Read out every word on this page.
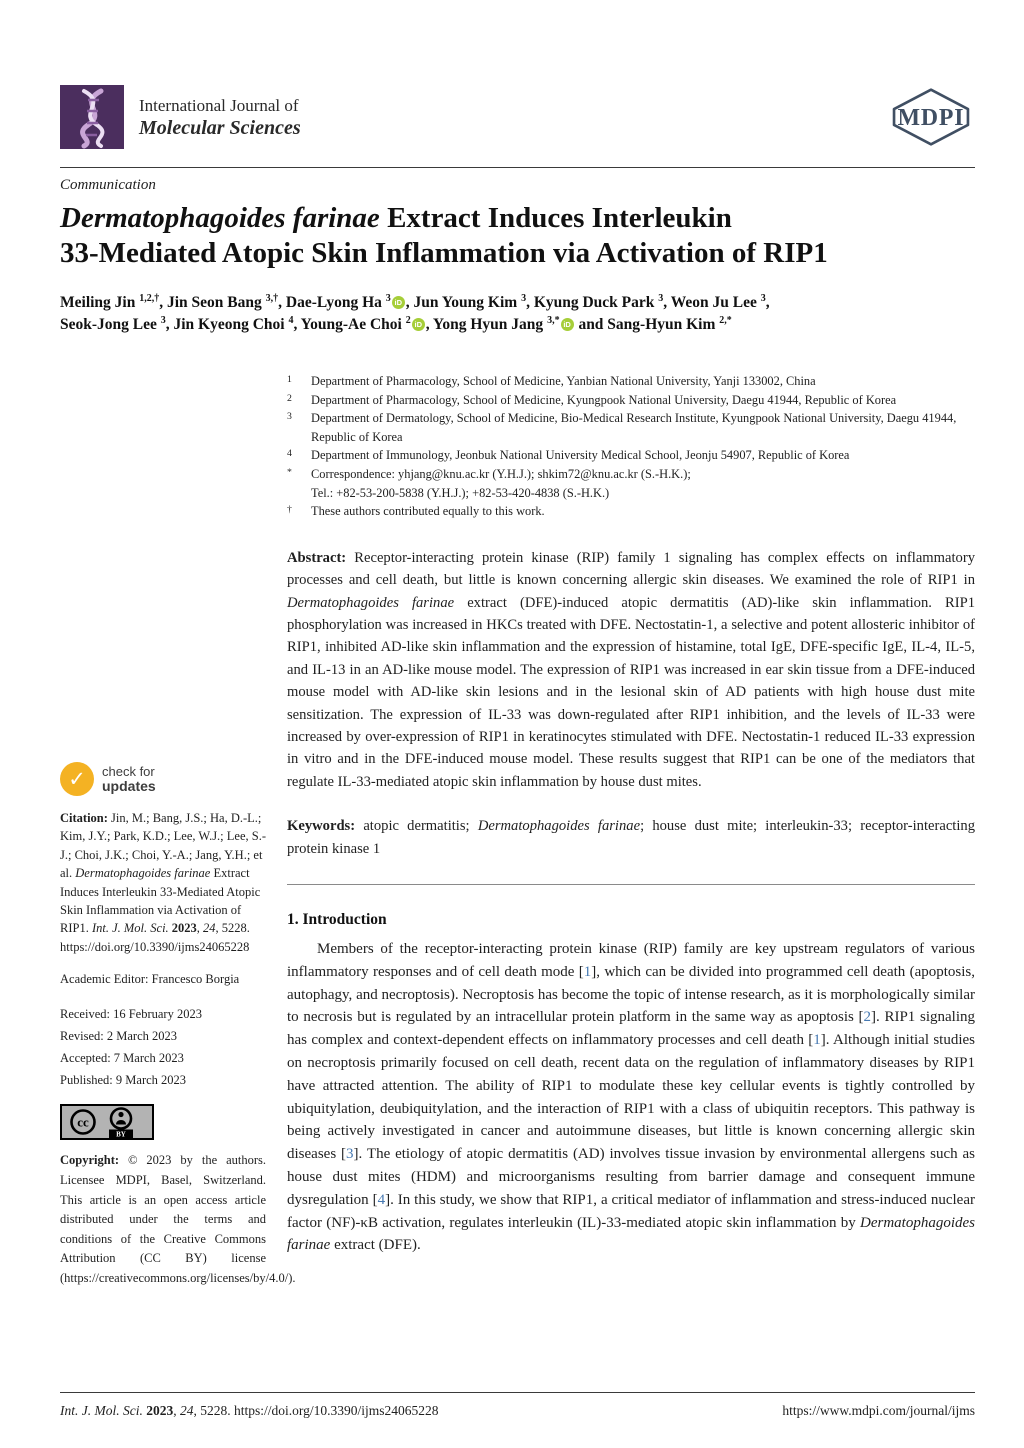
International Journal of
Molecular Sciences	MDPI
Communication
Dermatophagoides farinae Extract Induces Interleukin
33-Mediated Atopic Skin Inflammation via Activation of RIP1

Meiling Jin $^{1,2,\dagger}$, Jin Seon Bang $^{3,\dagger}$, Dae-Lyong Ha $^3$ iD , Jun Young Kim $^3$, Kyung Duck Park $^3$, Weon Ju Lee $^3$,
Seok-Jong Lee $^3$, Jin Kyeong Choi $^4$, Young-Ae Choi $^2$ iD , Yong Hyun Jang $^{3,*}$ iD and Sang-Hyun Kim $^{2,*}$

1	Department of Pharmacology, School of Medicine, Yanbian National University, Yanji 133002, China
2	Department of Pharmacology, School of Medicine, Kyungpook National University, Daegu 41944, Republic of Korea
3	Department of Dermatology, School of Medicine, Bio-Medical Research Institute, Kyungpook National University, Daegu 41944, Republic of Korea
4	Department of Immunology, Jeonbuk National University Medical School, Jeonju 54907, Republic of Korea
*	Correspondence: yhjang@knu.ac.kr (Y.H.J.); shkim72@knu.ac.kr (S.-H.K.);
Tel.: +82-53-200-5838 (Y.H.J.); +82-53-420-4838 (S.-H.K.)
†	These authors contributed equally to this work.
Abstract: Receptor-interacting protein kinase (RIP) family 1 signaling has complex effects on inflammatory processes and cell death, but little is known concerning allergic skin diseases. We examined the role of RIP1 in Dermatophagoides farinae extract (DFE)-induced atopic dermatitis (AD)-like skin inflammation. RIP1 phosphorylation was increased in HKCs treated with DFE. Nectostatin-1, a selective and potent allosteric inhibitor of RIP1, inhibited AD-like skin inflammation and the expression of histamine, total IgE, DFE-specific IgE, IL-4, IL-5, and IL-13 in an AD-like mouse model. The expression of RIP1 was increased in ear skin tissue from a DFE-induced mouse model with AD-like skin lesions and in the lesional skin of AD patients with high house dust mite sensitization. The expression of IL-33 was down-regulated after RIP1 inhibition, and the levels of IL-33 were increased by over-expression of RIP1 in keratinocytes stimulated with DFE. Nectostatin-1 reduced IL-33 expression in vitro and in the DFE-induced mouse model. These results suggest that RIP1 can be one of the mediators that regulate IL-33-mediated atopic skin inflammation by house dust mites.
Keywords: atopic dermatitis; Dermatophagoides farinae; house dust mite; interleukin-33; receptor-interacting protein kinase 1
1. Introduction

Members of the receptor-interacting protein kinase (RIP) family are key upstream regulators of various inflammatory responses and of cell death mode [1], which can be divided into programmed cell death (apoptosis, autophagy, and necroptosis). Necroptosis has become the topic of intense research, as it is morphologically similar to necrosis but is regulated by an intracellular protein platform in the same way as apoptosis [2]. RIP1 signaling has complex and context-dependent effects on inflammatory processes and cell death [1]. Although initial studies on necroptosis primarily focused on cell death, recent data on the regulation of inflammatory diseases by RIP1 have attracted attention. The ability of RIP1 to modulate these key cellular events is tightly controlled by ubiquitylation, deubiquitylation, and the interaction of RIP1 with a class of ubiquitin receptors. This pathway is being actively investigated in cancer and autoimmune diseases, but little is known concerning allergic skin diseases [3]. The etiology of atopic dermatitis (AD) involves tissue invasion by environmental allergens such as house dust mites (HDM) and microorganisms resulting from barrier damage and consequent immune dysregulation [4]. In this study, we show that RIP1, a critical mediator of inflammation and stress-induced nuclear factor (NF)-κB activation, regulates interleukin (IL)-33-mediated atopic skin inflammation by Dermatophagoides farinae extract (DFE).

✓	check for
updates
Citation: Jin, M.; Bang, J.S.; Ha, D.-L.; Kim, J.Y.; Park, K.D.; Lee, W.J.; Lee, S.-J.; Choi, J.K.; Choi, Y.-A.; Jang, Y.H.; et al. Dermatophagoides farinae Extract Induces Interleukin 33-Mediated Atopic Skin Inflammation via Activation of RIP1. Int. J. Mol. Sci. 2023, 24, 5228. https://doi.org/10.3390/ijms24065228
Academic Editor: Francesco Borgia
Received: 16 February 2023
Revised: 2 March 2023
Accepted: 7 March 2023
Published: 9 March 2023
cc
BY
Copyright: © 2023 by the authors. Licensee MDPI, Basel, Switzerland. This article is an open access article distributed under the terms and conditions of the Creative Commons Attribution (CC BY) license (https://creativecommons.org/licenses/by/4.0/).
Int. J. Mol. Sci. 2023, 24, 5228. https://doi.org/10.3390/ijms24065228	https://www.mdpi.com/journal/ijms
